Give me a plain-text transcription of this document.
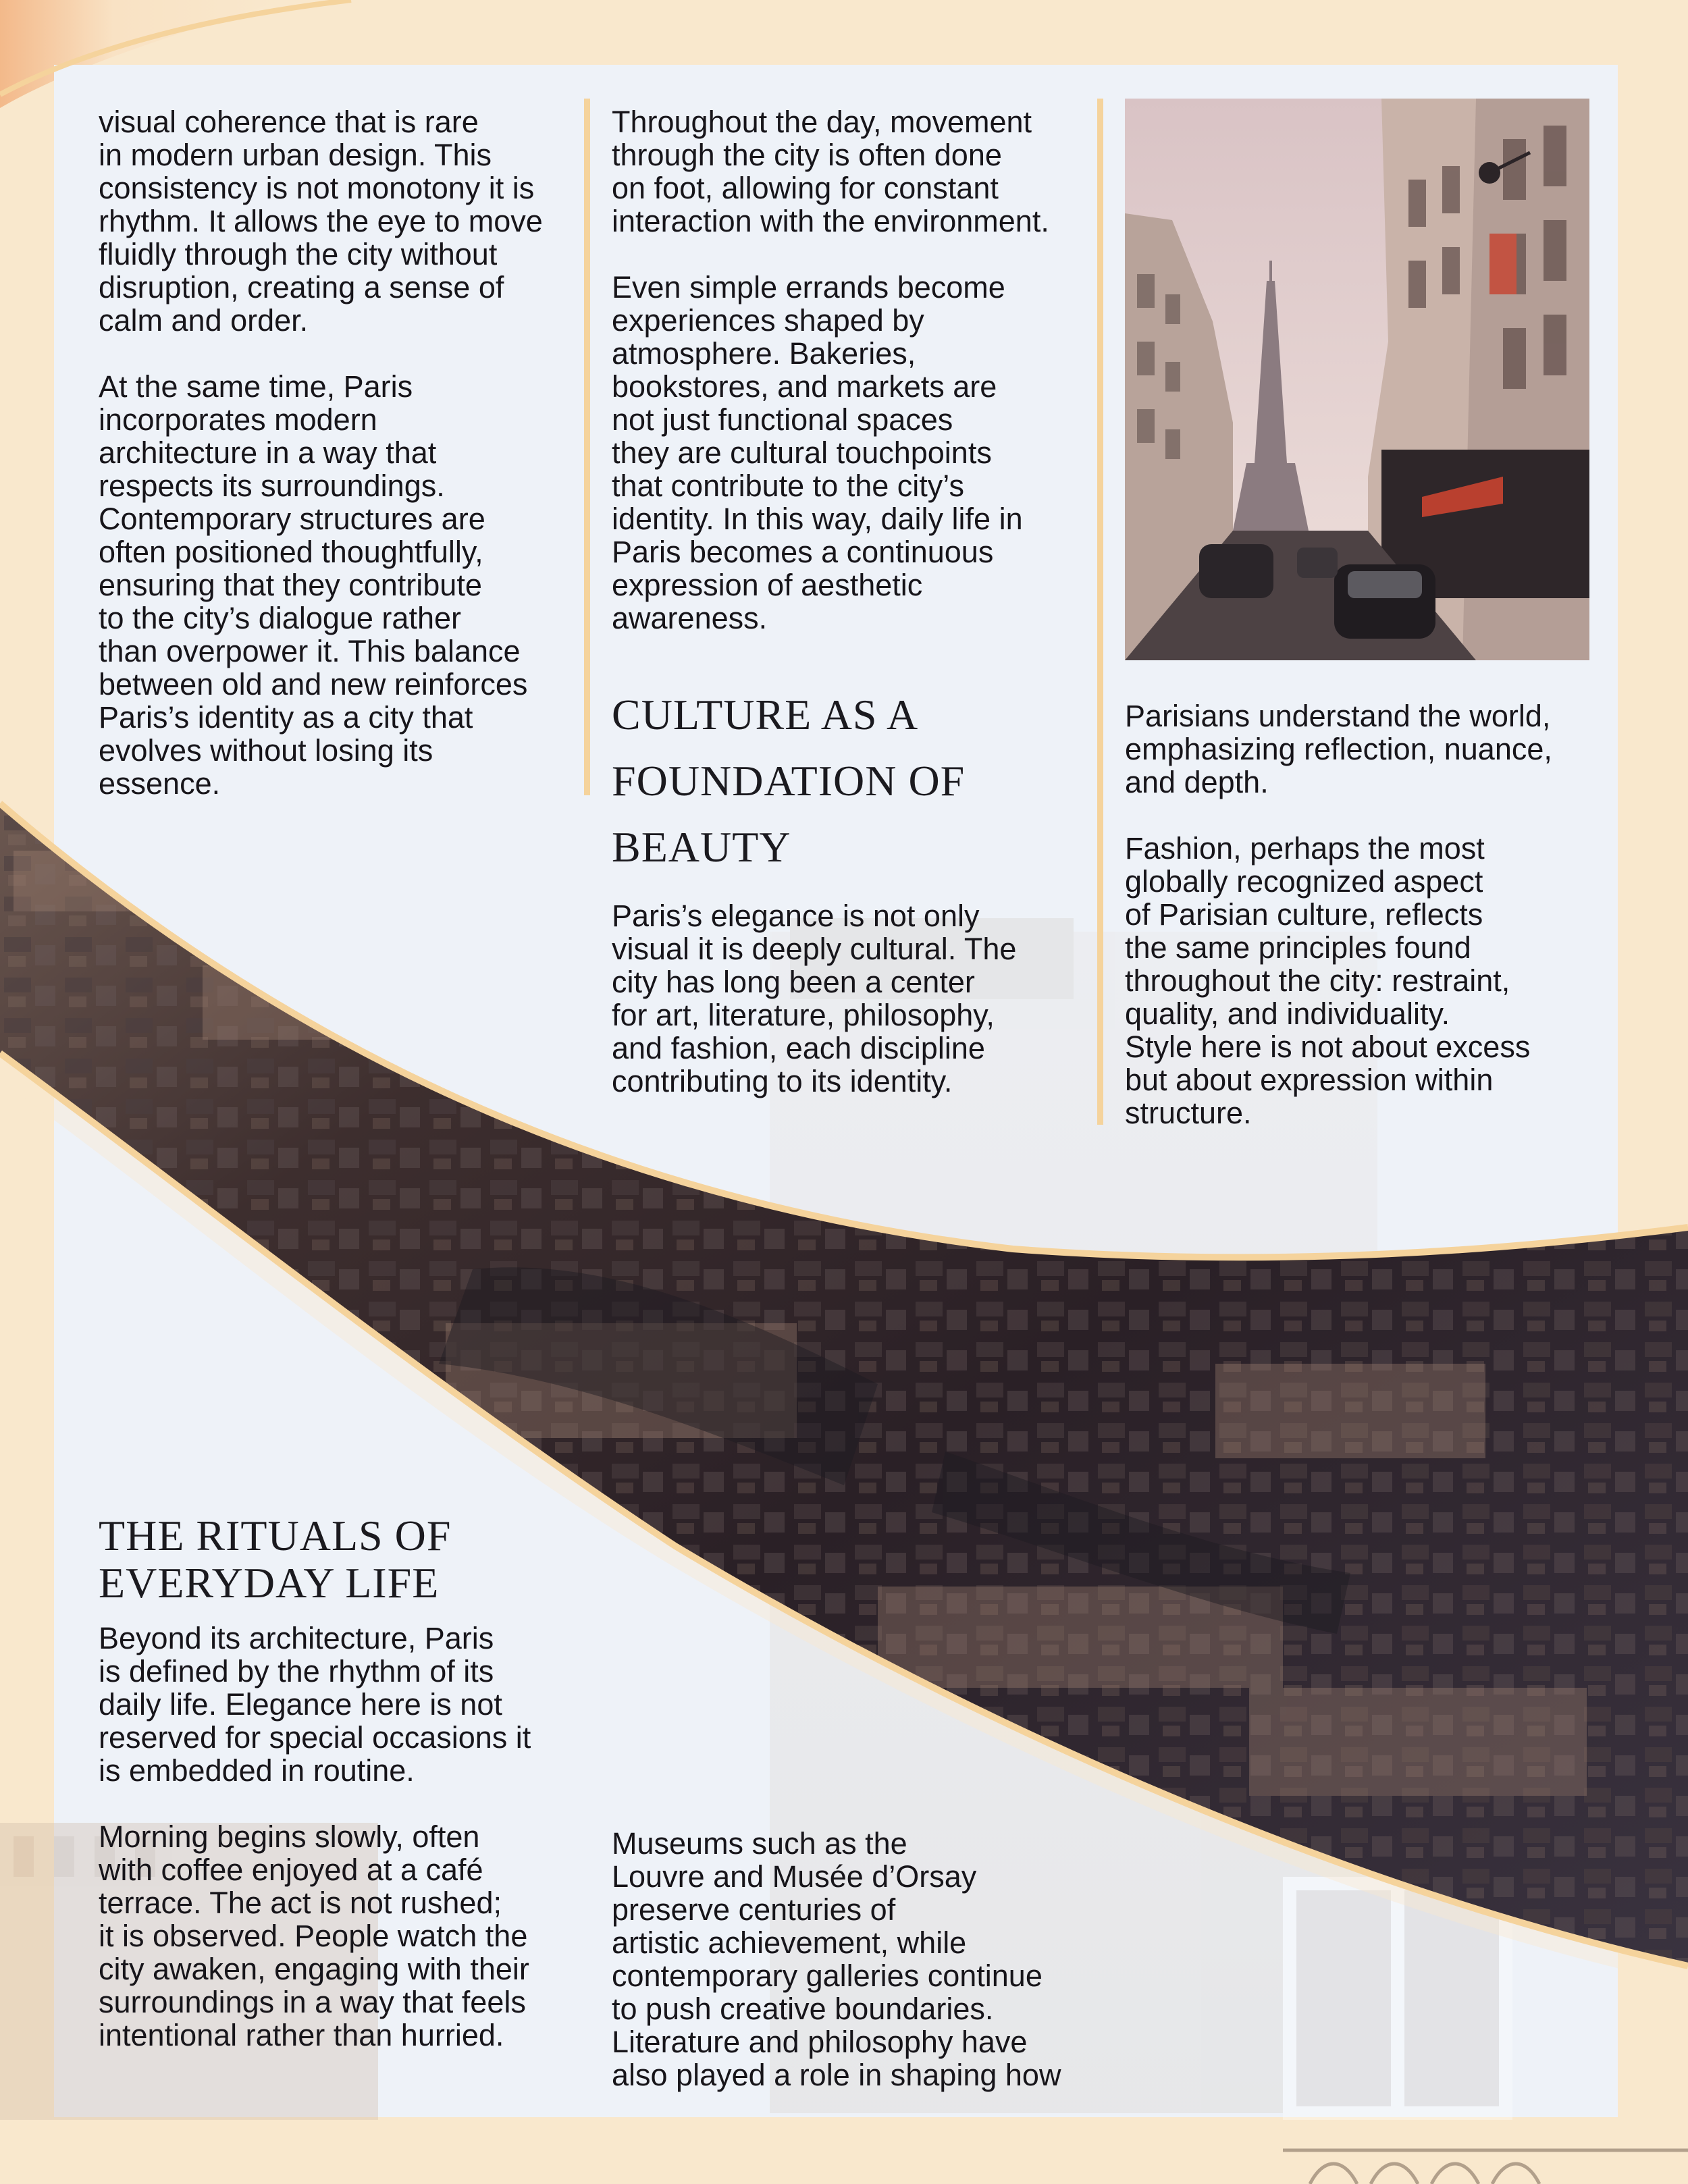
visual coherence that is rare
in modern urban design. This
consistency is not monotony it is
rhythm. It allows the eye to move
fluidly through the city without
disruption, creating a sense of
calm and order.

At the same time, Paris
incorporates modern
architecture in a way that
respects its surroundings.
Contemporary structures are
often positioned thoughtfully,
ensuring that they contribute
to the city’s dialogue rather
than overpower it. This balance
between old and new reinforces
Paris’s identity as a city that
evolves without losing its
essence.

Throughout the day, movement
through the city is often done
on foot, allowing for constant
interaction with the environment.

Even simple errands become
experiences shaped by
atmosphere. Bakeries,
bookstores, and markets are
not just functional spaces
they are cultural touchpoints
that contribute to the city’s
identity. In this way, daily life in
Paris becomes a continuous
expression of aesthetic
awareness.

CULTURE AS A
FOUNDATION OF
BEAUTY

Paris’s elegance is not only
visual it is deeply cultural. The
city has long been a center
for art, literature, philosophy,
and fashion, each discipline
contributing to its identity.

Parisians understand the world,
emphasizing reflection, nuance,
and depth.

Fashion, perhaps the most
globally recognized aspect
of Parisian culture, reflects
the same principles found
throughout the city: restraint,
quality, and individuality.
Style here is not about excess
but about expression within
structure.

THE RITUALS OF
EVERYDAY LIFE

Beyond its architecture, Paris
is defined by the rhythm of its
daily life. Elegance here is not
reserved for special occasions it
is embedded in routine.

Morning begins slowly, often
with coffee enjoyed at a café
terrace. The act is not rushed;
it is observed. People watch the
city awaken, engaging with their
surroundings in a way that feels
intentional rather than hurried.

Museums such as the
Louvre and Musée d’Orsay
preserve centuries of
artistic achievement, while
contemporary galleries continue
to push creative boundaries.
Literature and philosophy have
also played a role in shaping how
